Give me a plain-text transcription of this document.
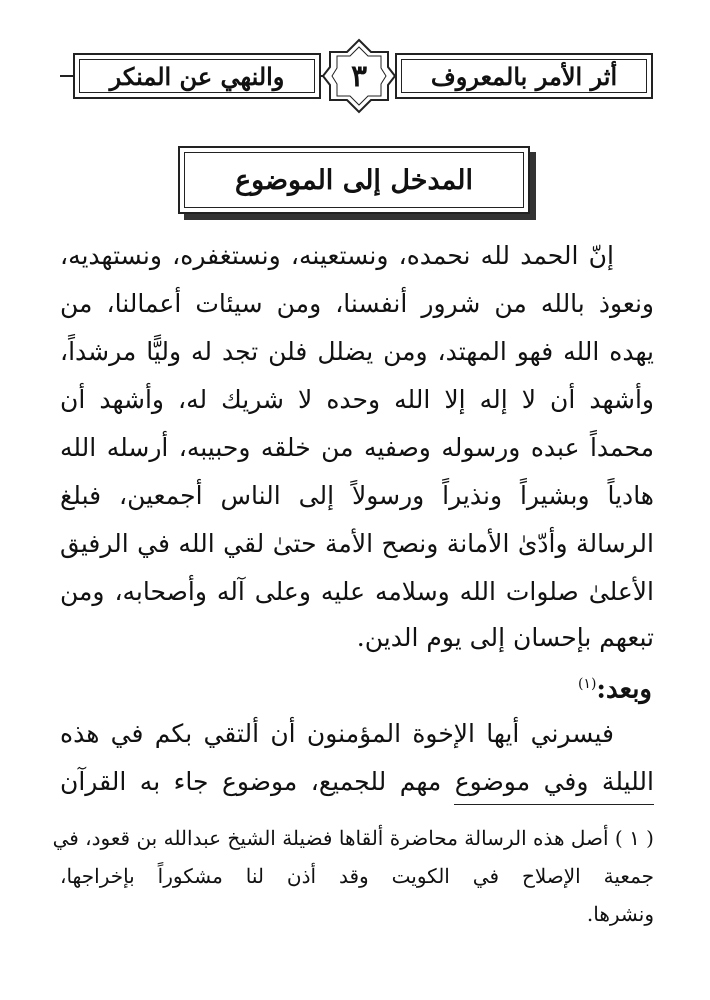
أثر الأمر بالمعروف
والنهي عن المنكر	٣
المدخل إلى الموضوع
إنّ الحمد لله نحمده، ونستعينه، ونستغفره، ونستهديه،
ونعوذ بالله من شرور أنفسنا، ومن سيئات أعمالنا، من
يهده الله فهو المهتد، ومن يضلل فلن تجد له وليًّا مرشداً،
وأشهد أن لا إله إلا الله وحده لا شريك له، وأشهد أن
محمداً عبده ورسوله وصفيه من خلقه وحبيبه، أرسله الله
هادياً وبشيراً ونذيراً ورسولاً إلى الناس أجمعين، فبلغ
الرسالة وأدّىٰ الأمانة ونصح الأمة حتىٰ لقي الله في الرفيق
الأعلىٰ صلوات الله وسلامه عليه وعلى آله وأصحابه، ومن
تبعهم بإحسان إلى يوم الدين.
وبعد:$^{(١)}$
فيسرني أيها الإخوة المؤمنون أن ألتقي بكم في هذه
الليلة وفي موضوع مهم للجميع، موضوع جاء به القرآن
( ١ ) أصل هذه الرسالة محاضرة ألقاها فضيلة الشيخ عبدالله بن قعود، في
جمعية الإصلاح في الكويت وقد أذن لنا مشكوراً بإخراجها،
ونشرها.
